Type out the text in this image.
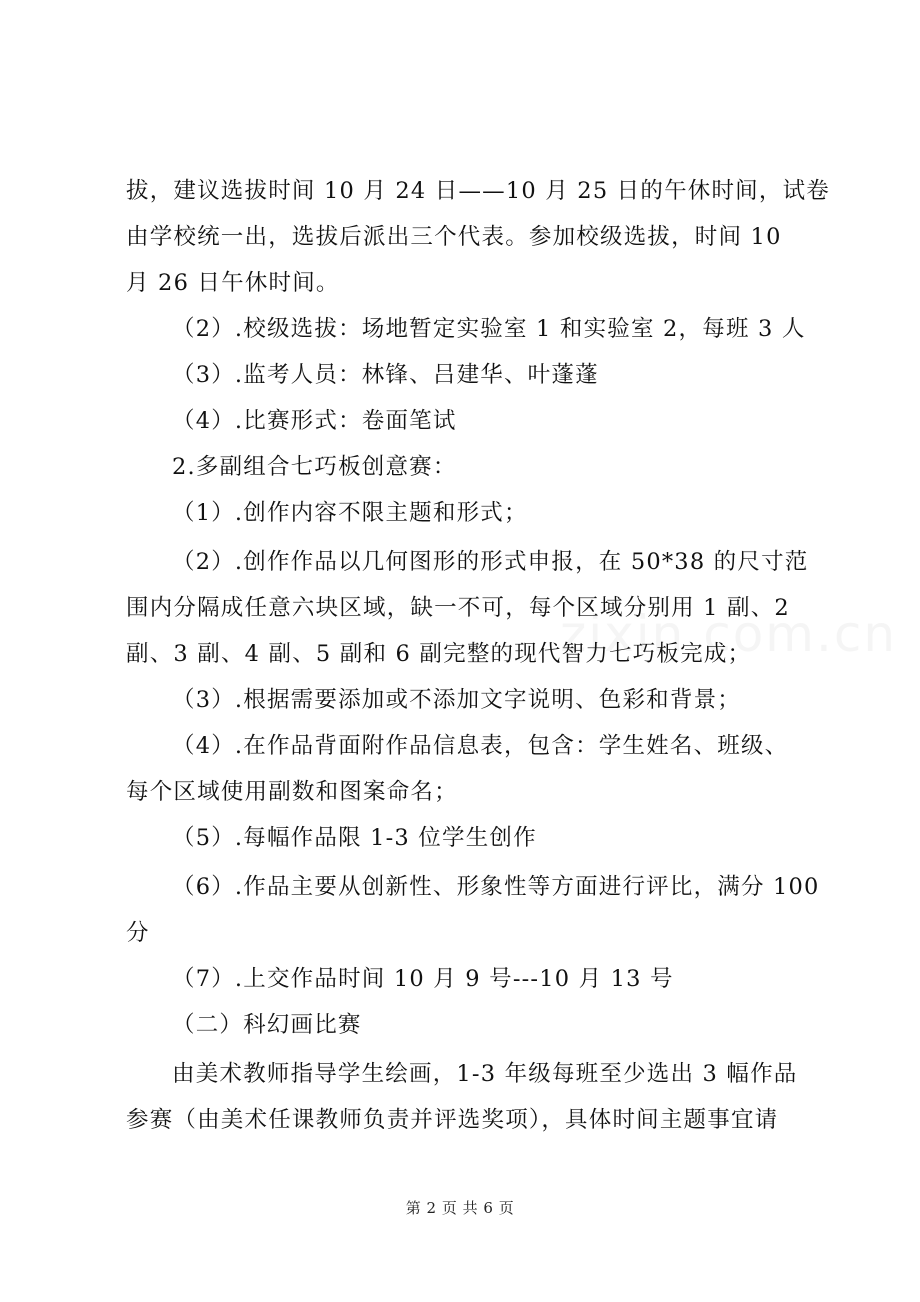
zixin.com.cn
拔，建议选拔时间 10 月 24 日——10 月 25 日的午休时间，试卷
由学校统一出，选拔后派出三个代表。参加校级选拔，时间 10
月 26 日午休时间。
（2）.校级选拔：场地暂定实验室 1 和实验室 2，每班 3 人
（3）.监考人员：林锋、吕建华、叶蓬蓬
（4）.比赛形式：卷面笔试
2.多副组合七巧板创意赛：
（1）.创作内容不限主题和形式；
（2）.创作作品以几何图形的形式申报，在 50*38 的尺寸范
围内分隔成任意六块区域，缺一不可，每个区域分别用 1 副、2
副、3 副、4 副、5 副和 6 副完整的现代智力七巧板完成；
（3）.根据需要添加或不添加文字说明、色彩和背景；
（4）.在作品背面附作品信息表，包含：学生姓名、班级、
每个区域使用副数和图案命名；
（5）.每幅作品限 1-3 位学生创作
（6）.作品主要从创新性、形象性等方面进行评比，满分 100
分
（7）.上交作品时间 10 月 9 号---10 月 13 号
（二）科幻画比赛
由美术教师指导学生绘画，1-3 年级每班至少选出 3 幅作品
参赛（由美术任课教师负责并评选奖项），具体时间主题事宜请
第 2 页 共 6 页
